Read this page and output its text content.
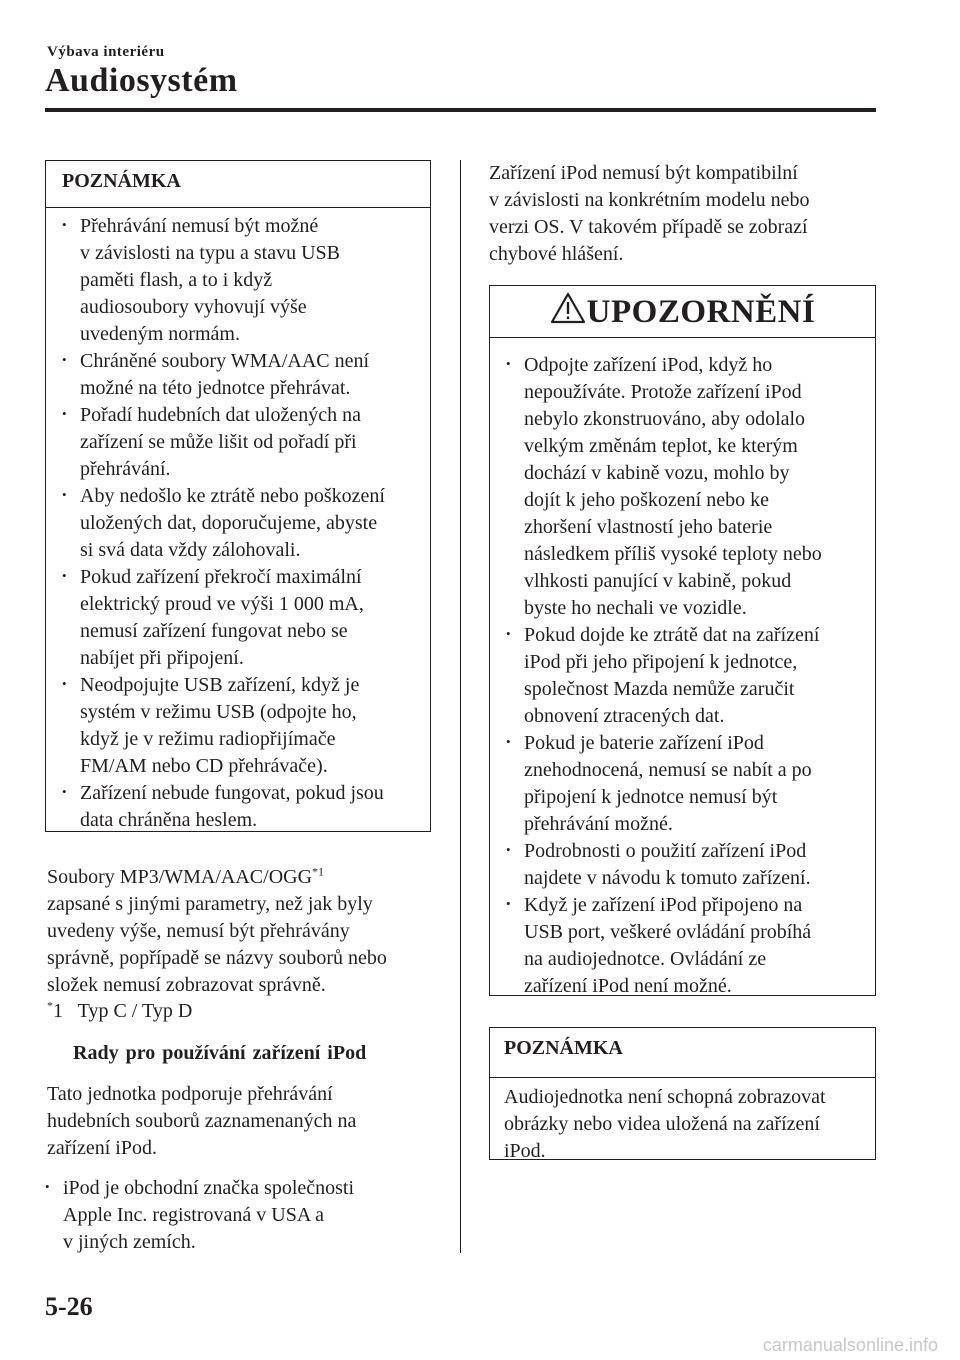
Výbava interiéru
Audiosystém
POZNÁMKA
• Přehrávání nemusí být možné
v závislosti na typu a stavu USB
paměti flash, a to i když
audiosoubory vyhovují výše
uvedeným normám.
• Chráněné soubory WMA/AAC není
možné na této jednotce přehrávat.
• Pořadí hudebních dat uložených na
zařízení se může lišit od pořadí při
přehrávání.
• Aby nedošlo ke ztrátě nebo poškození
uložených dat, doporučujeme, abyste
si svá data vždy zálohovali.
• Pokud zařízení překročí maximální
elektrický proud ve výši 1 000 mA,
nemusí zařízení fungovat nebo se
nabíjet při připojení.
• Neodpojujte USB zařízení, když je
systém v režimu USB (odpojte ho,
když je v režimu radiopřijímače
FM/AM nebo CD přehrávače).
• Zařízení nebude fungovat, pokud jsou
data chráněna heslem.
Soubory MP3/WMA/AAC/OGG$^{*1}$
zapsané s jinými parametry, než jak byly
uvedeny výše, nemusí být přehrávány
správně, popřípadě se názvy souborů nebo
složek nemusí zobrazovat správně.
*1   Typ C / Typ D
Rady pro používání zařízení iPod
Tato jednotka podporuje přehrávání
hudebních souborů zaznamenaných na
zařízení iPod.
• iPod je obchodní značka společnosti
Apple Inc. registrovaná v USA a
v jiných zemích.
Zařízení iPod nemusí být kompatibilní
v závislosti na konkrétním modelu nebo
verzi OS. V takovém případě se zobrazí
chybové hlášení.
UPOZORNĚNÍ
• Odpojte zařízení iPod, když ho
nepoužíváte. Protože zařízení iPod
nebylo zkonstruováno, aby odolalo
velkým změnám teplot, ke kterým
dochází v kabině vozu, mohlo by
dojít k jeho poškození nebo ke
zhoršení vlastností jeho baterie
následkem příliš vysoké teploty nebo
vlhkosti panující v kabině, pokud
byste ho nechali ve vozidle.
• Pokud dojde ke ztrátě dat na zařízení
iPod při jeho připojení k jednotce,
společnost Mazda nemůže zaručit
obnovení ztracených dat.
• Pokud je baterie zařízení iPod
znehodnocená, nemusí se nabít a po
připojení k jednotce nemusí být
přehrávání možné.
• Podrobnosti o použití zařízení iPod
najdete v návodu k tomuto zařízení.
• Když je zařízení iPod připojeno na
USB port, veškeré ovládání probíhá
na audiojednotce. Ovládání ze
zařízení iPod není možné.
POZNÁMKA
Audiojednotka není schopná zobrazovat
obrázky nebo videa uložená na zařízení
iPod.
5-26
carmanualsonline.info
